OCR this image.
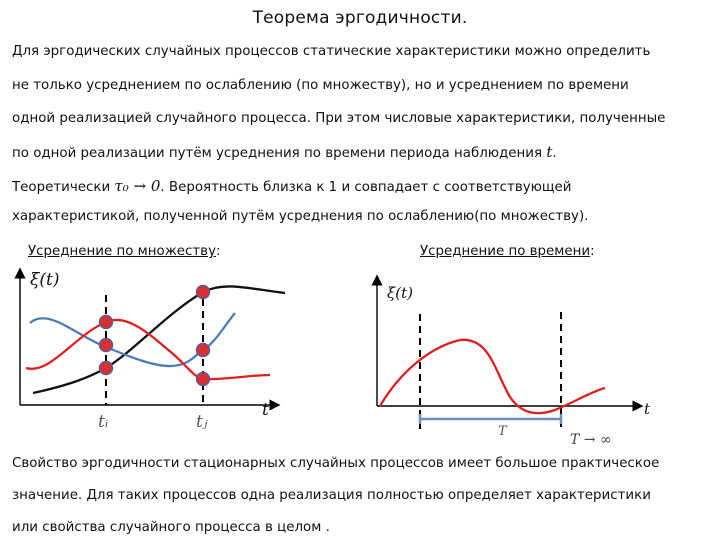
Теорема эргодичности.
Для эргодических случайных процессов статические характеристики можно определить
не только усреднением по ослаблению (по множеству), но и усреднением по времени
одной реализацией случайного процесса. При этом числовые характеристики, полученные
по одной реализации путём усреднения по времени периода наблюдения t.
Теоретически τ₀ → 0. Вероятность близка к 1 и совпадает с соответствующей
характеристикой, полученной путём усреднения по ослаблению(по множеству).
Усреднение по множеству:	Усреднение по времени:
ξ(t)
t
tᵢ	tⱼ
ξ(t)
t
T
T → ∞
Свойство эргодичности стационарных случайных процессов имеет большое практическое
значение. Для таких процессов одна реализация полностью определяет характеристики
или свойства случайного процесса в целом .
